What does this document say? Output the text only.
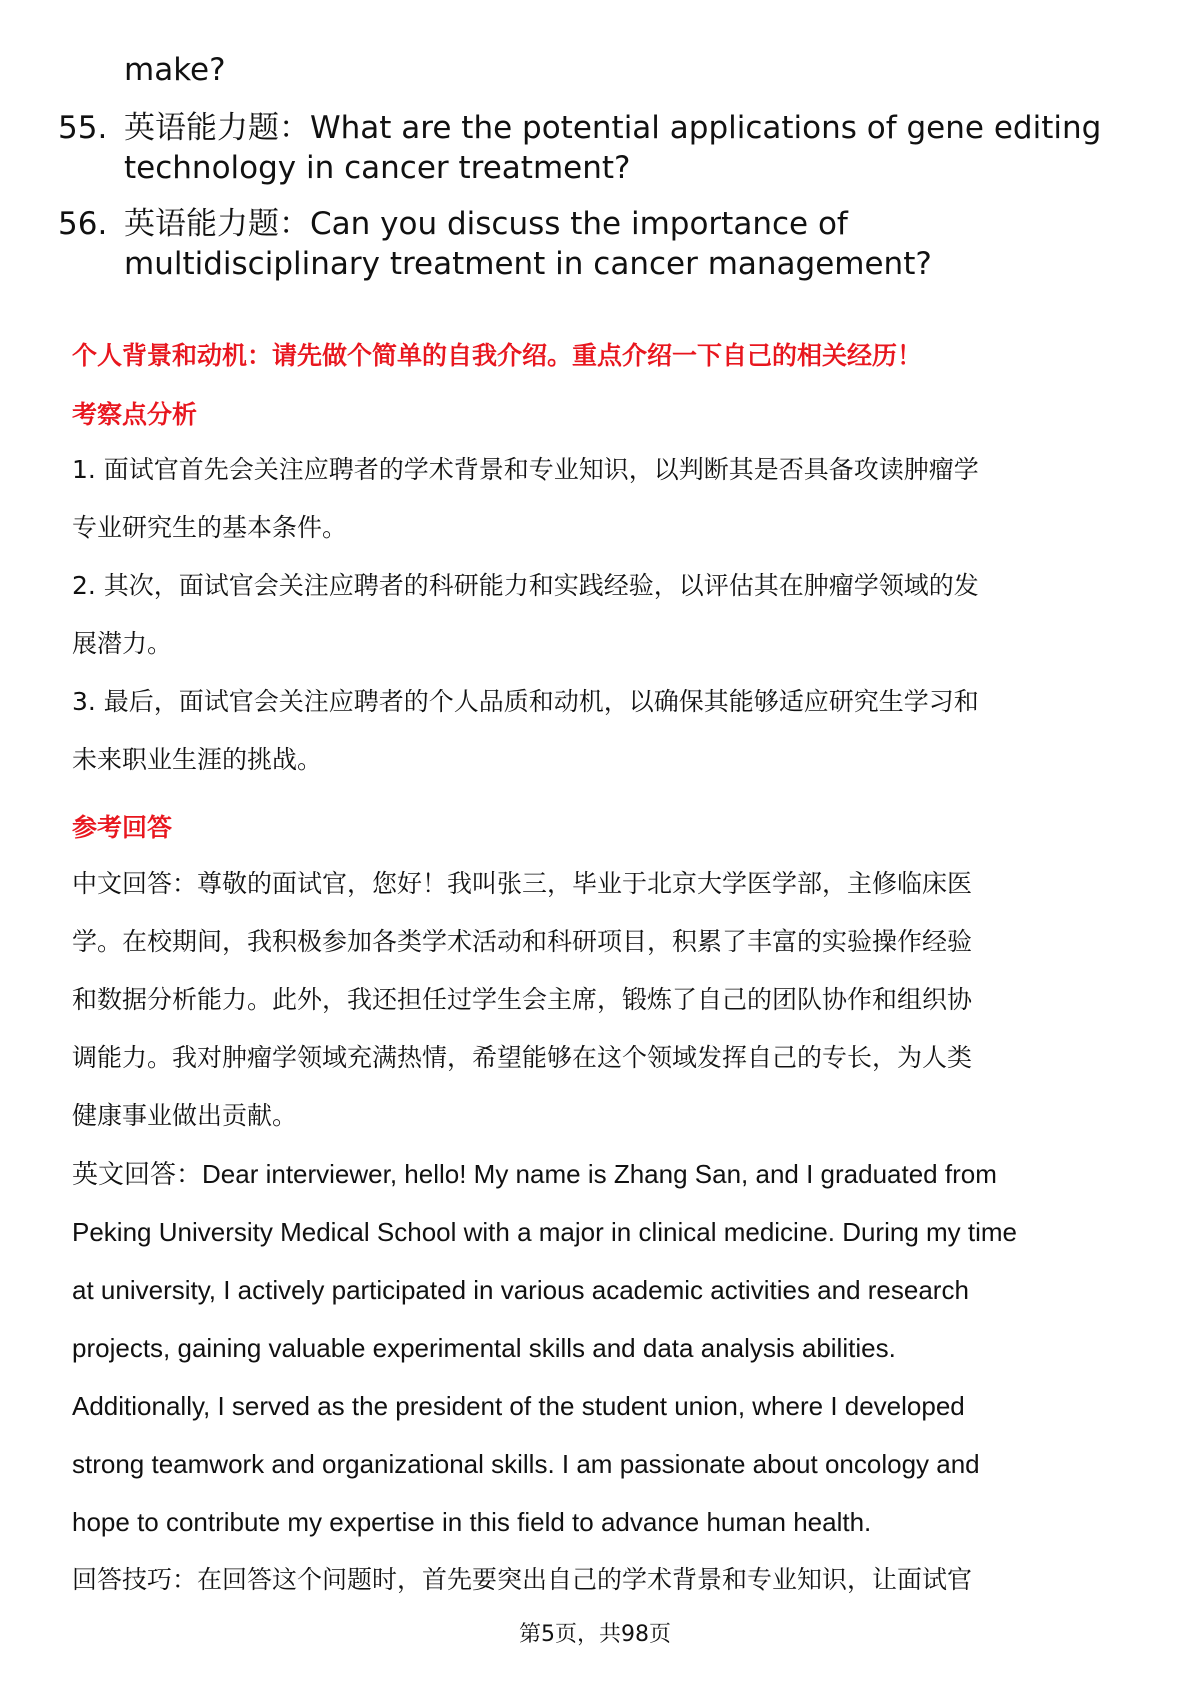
make?
55. 英语能力题：What are the potential applications of gene editing
technology in cancer treatment?
56. 英语能力题：Can you discuss the importance of
multidisciplinary treatment in cancer management?
个人背景和动机：请先做个简单的自我介绍。重点介绍一下自己的相关经历！
考察点分析
1. 面试官首先会关注应聘者的学术背景和专业知识，以判断其是否具备攻读肿瘤学
专业研究生的基本条件。
2. 其次，面试官会关注应聘者的科研能力和实践经验，以评估其在肿瘤学领域的发
展潜力。
3. 最后，面试官会关注应聘者的个人品质和动机，以确保其能够适应研究生学习和
未来职业生涯的挑战。
参考回答
中文回答：尊敬的面试官，您好！我叫张三，毕业于北京大学医学部，主修临床医
学。在校期间，我积极参加各类学术活动和科研项目，积累了丰富的实验操作经验
和数据分析能力。此外，我还担任过学生会主席，锻炼了自己的团队协作和组织协
调能力。我对肿瘤学领域充满热情，希望能够在这个领域发挥自己的专长，为人类
健康事业做出贡献。
英文回答：Dear interviewer, hello! My name is Zhang San, and I graduated from
Peking University Medical School with a major in clinical medicine. During my time
at university, I actively participated in various academic activities and research
projects, gaining valuable experimental skills and data analysis abilities.
Additionally, I served as the president of the student union, where I developed
strong teamwork and organizational skills. I am passionate about oncology and
hope to contribute my expertise in this field to advance human health.
回答技巧：在回答这个问题时，首先要突出自己的学术背景和专业知识，让面试官
第5页，共98页
